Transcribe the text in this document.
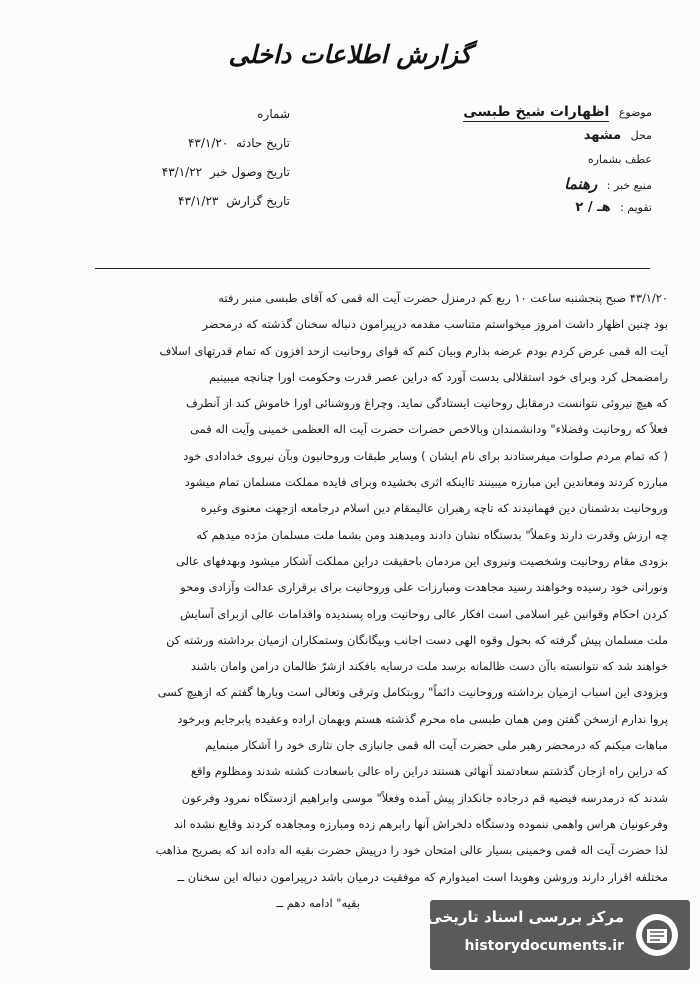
گزارش اطلاعات داخلی
موضوع اظهارات شیخ طبسی
محل مشهد
عطف بشماره
منبع خبر : رهنما
تقویم : هـ / ۲
شماره
تاریخ حادثه ۴۳/۱/۲۰
تاریخ وصول خبر ۴۳/۱/۲۲
تاریخ گزارش ۴۳/۱/۲۳

۴۳/۱/۲۰ صبح پنجشنبه ساعت ۱۰ ربع کم درمنزل حضرت آیت اله قمی که آقای طبسی منبر رفته

بود چنین اظهار داشت امروز میخواستم متناسب مقدمه درپیرامون دنباله سخنان گذشته که درمحضر

آیت اله قمی عرض کردم بودم عرضه بدارم وبیان کنم که قوای روحانیت ازحد افزون که تمام قدرتهای اسلاف

رامضمحل کرد وبرای خود استقلالی بدست آورد که دراین عصر قدرت وحکومت اورا چنانچه میبینیم

که هیچ نیروئی نتوانست درمقابل روحانیت ایستادگی نماید. وچراغ وروشنائی اورا خاموش کند از آنطرف

فعلاً که روحانیت وفضلاء" ودانشمندان وبالاخص حضرات حضرت آیت اله العظمی خمینی وآیت اله قمی

( که تمام مردم صلوات میفرستادند برای نام ایشان ) وسایر طبقات وروحانیون وبآن نیروی خدادادی خود

مبارزه کردند ومعاندین این مبارزه میبینند تااینکه اثری بخشیده وبرای فایده مملکت مسلمان تمام میشود

وروحانیت بدشمنان دین فهمانیدند که تاچه رهبران عالیمقام دین اسلام درجامعه ازجهت معنوی وغیره

چه ارزش وقدرت دارند وعملاً" بدستگاه نشان دادند ومیدهند ومن بشما ملت مسلمان مژده میدهم که

بزودی مقام روحانیت وشخصیت ونیروی این مردمان باحقیقت دراین مملکت آشکار میشود وبهدفهای عالی

ونورانی خود رسیده وخواهند رسید مجاهدت ومبارزات علی وروحانیت برای برقراری عدالت وآزادی ومحو

کردن احکام وقوانین غیر اسلامی است افکار عالی روحانیت وراه پسندیده واقدامات عالی ازبرای آسایش

ملت مسلمان پیش گرفته که بحول وقوه الهی دست اجانب وبیگانگان وستمکاران ازمیان برداشته ورشته کن

خواهند شد که نتوانسته باآن دست ظالمانه برسد ملت درسایه بافکند ازشرّ ظالمان درامن وامان باشند

وبزودی این اسباب ازمیان برداشته وروحانیت دائماً" روبتکامل وترقی وتعالی است وبارها گفتم که ازهیچ کسی

پروا ندارم ازسخن گفتن ومن همان طبسی ماه محرم گذشته هستم وبهمان اراده وعقیده پابرجایم وبرخود

مباهات میکنم که درمحضر رهبر ملی حضرت آیت اله قمی جانبازی جان نثاری خود را آشکار مینمایم

که دراین راه ازجان گذشتم سعادتمند آنهائی هستند دراین راه عالی باسعادت کشته شدند ومظلوم واقع

شدند که درمدرسه فیضیه قم درجاده جانکداز پیش آمده وفعلاً" موسی وابراهیم ازدستگاه نمرود وفرعون

وفرعونیان هراس واهمی ننموده ودستگاه دلخراش آنها رابرهم زده ومبارزه ومجاهده کردند وقایع نشده اند

لذا حضرت آیت اله قمی وخمینی بسیار عالی امتحان خود را درپیش حضرت بقیه اله داده اند که بصریح مذاهب

مختلفه اقرار دارند وروشن وهویدا است امیدوارم که موفقیت درمیان باشد درپیرامون دنباله این سخنان ــ

بقیه" ادامه دهم ــ

مرکز بررسی اسناد تاریخی
historydocuments.ir
